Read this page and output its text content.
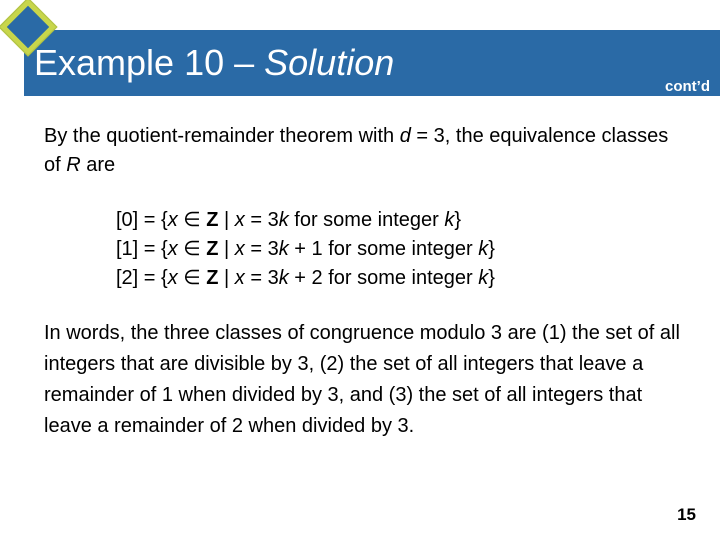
Example 10 – Solution
cont’d
By the quotient-remainder theorem with d = 3, the equivalence classes of R are
[0] = {x ∈ Z | x = 3k for some integer k}
[1] = {x ∈ Z | x = 3k + 1 for some integer k}
[2] = {x ∈ Z | x = 3k + 2 for some integer k}
In words, the three classes of congruence modulo 3 are (1) the set of all integers that are divisible by 3, (2) the set of all integers that leave a remainder of 1 when divided by 3, and (3) the set of all integers that leave a remainder of 2 when divided by 3.
15
